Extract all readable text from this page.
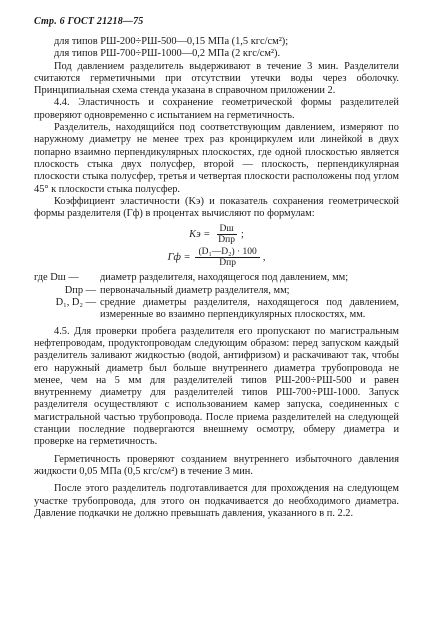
Стр. 6 ГОСТ 21218—75

для типов РШ-200÷РШ-500—0,15 МПа (1,5 кгс/см²);

для типов РШ-700÷РШ-1000—0,2 МПа (2 кгс/см²).

Под давлением разделитель выдерживают в течение 3 мин. Разделители считаются герметичными при отсутствии утечки воды через оболочку. Принципиальная схема стенда указана в справочном приложении 2.

4.4. Эластичность и сохранение геометрической формы разделителей проверяют одновременно с испытанием на герметичность.

Разделитель, находящийся под соответствующим давлением, измеряют по наружному диаметру не менее трех раз кронциркулем или линейкой в двух попарно взаимно перпендикулярных плоскостях, где одной плоскостью является плоскость стыка двух полусфер, второй — плоскость, перпендикулярная плоскости стыка полусфер, третья и четвертая плоскости расположены под углом 45° к плоскости стыка полусфер.

Коэффициент эластичности (Kэ) и показатель сохранения геометрической формы разделителя (Гф) в процентах вычисляют по формулам:

Kэ = $\frac{Dш}{\text{Dпр}}$ ;
Гф = $\frac{\text{(D₁—D₂) · 100}}{\text{Dпр}}$ ,
где Dш —	диаметр разделителя, находящегося под давлением, мм;
Dпр —	первоначальный диаметр разделителя, мм;
D₁, D₂ —	средние диаметры разделителя, находящегося под давлением, измеренные во взаимно перпендикулярных плоскостях, мм.

4.5. Для проверки пробега разделителя его пропускают по магистральным нефтепроводам, продуктопроводам следующим образом: перед запуском каждый разделитель заливают жидкостью (водой, антифризом) и раскачивают так, чтобы его наружный диаметр был больше внутреннего диаметра трубопровода не менее, чем на 5 мм для разделителей типов РШ-200÷РШ-500 и равен внутреннему диаметру для разделителей типов РШ-700÷РШ-1000. Запуск разделителя осуществляют с использованием камер запуска, соединенных с магистральной частью трубопровода. После приема разделителей на следующей станции последние подвергаются внешнему осмотру, обмеру диаметра и проверке на герметичность.

Герметичность проверяют созданием внутреннего избыточного давления жидкости 0,05 МПа (0,5 кгс/см²) в течение 3 мин.

После этого разделитель подготавливается для прохождения на следующем участке трубопровода, для этого он подкачивается до необходимого диаметра. Давление подкачки не должно превышать давления, указанного в п. 2.2.
